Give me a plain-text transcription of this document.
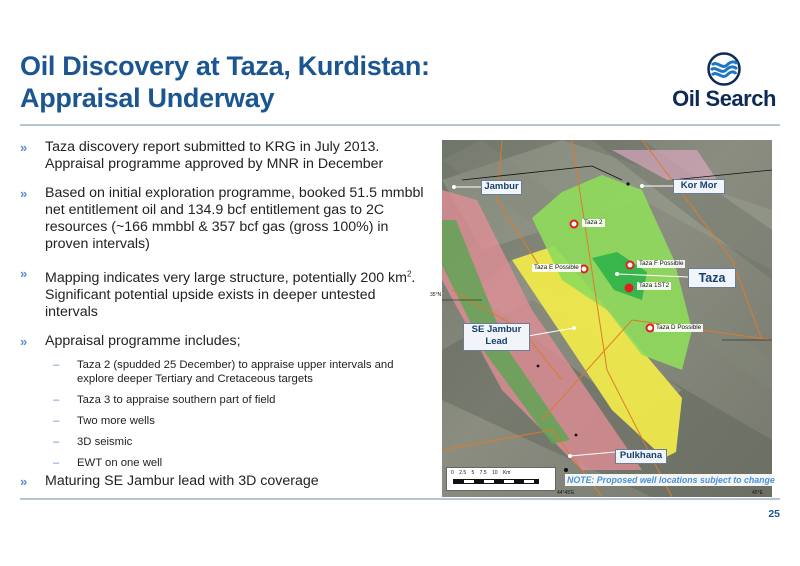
Oil Discovery at Taza, Kurdistan:
Appraisal Underway	Oil Search
» Taza discovery report submitted to KRG in July 2013. Appraisal programme approved by MNR in December
» Based on initial exploration programme, booked 51.5 mmbbl net entitlement oil and 134.9 bcf entitlement gas to 2C resources (~166 mmbbl & 357 bcf gas (gross 100%) in proven intervals)
» Mapping indicates very large structure, potentially 200 $km^2$. Significant potential upside exists in deeper untested intervals
» Appraisal programme includes;
– Taza 2 (spudded 25 December) to appraise upper intervals and explore deeper Tertiary and Cretaceous targets
– Taza 3 to appraise southern part of field
– Two more wells
– 3D seismic
– EWT on one well
» Maturing SE Jambur lead with 3D coverage
Jambur	Kor Mor
Taza
SE Jambur
Lead
Pulkhana
Taza 2
Taza F Possible
Taza E Possible
Taza 1ST2
Taza D Possible
35°N
44°45'E	45°E
0 2.5 5 7.5 10 Km
NOTE: Proposed well locations subject to change
25
